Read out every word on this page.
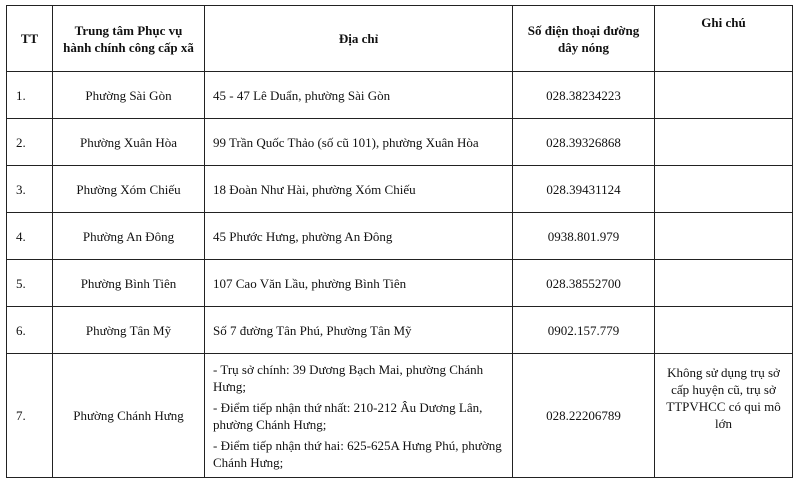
TT	Trung tâm Phục vụ hành chính công cấp xã	Địa chỉ	Số điện thoại đường dây nóng	Ghi chú
1.	Phường Sài Gòn	45 - 47 Lê Duẩn, phường Sài Gòn	028.38234223	
2.	Phường Xuân Hòa	99 Trần Quốc Thảo (số cũ 101), phường Xuân Hòa	028.39326868	
3.	Phường Xóm Chiếu	18 Đoàn Như Hài, phường Xóm Chiếu	028.39431124	
4.	Phường An Đông	45 Phước Hưng, phường An Đông	0938.801.979	
5.	Phường Bình Tiên	107 Cao Văn Lầu, phường Bình Tiên	028.38552700	
6.	Phường Tân Mỹ	Số 7 đường Tân Phú, Phường Tân Mỹ	0902.157.779	
7.	Phường Chánh Hưng	- Trụ sở chính: 39 Dương Bạch Mai, phường Chánh Hưng;

- Điểm tiếp nhận thứ nhất: 210-212 Âu Dương Lân, phường Chánh Hưng;

- Điểm tiếp nhận thứ hai: 625-625A Hưng Phú, phường Chánh Hưng;	028.22206789	Không sử dụng trụ sở cấp huyện cũ, trụ sở TTPVHCC có qui mô lớn
